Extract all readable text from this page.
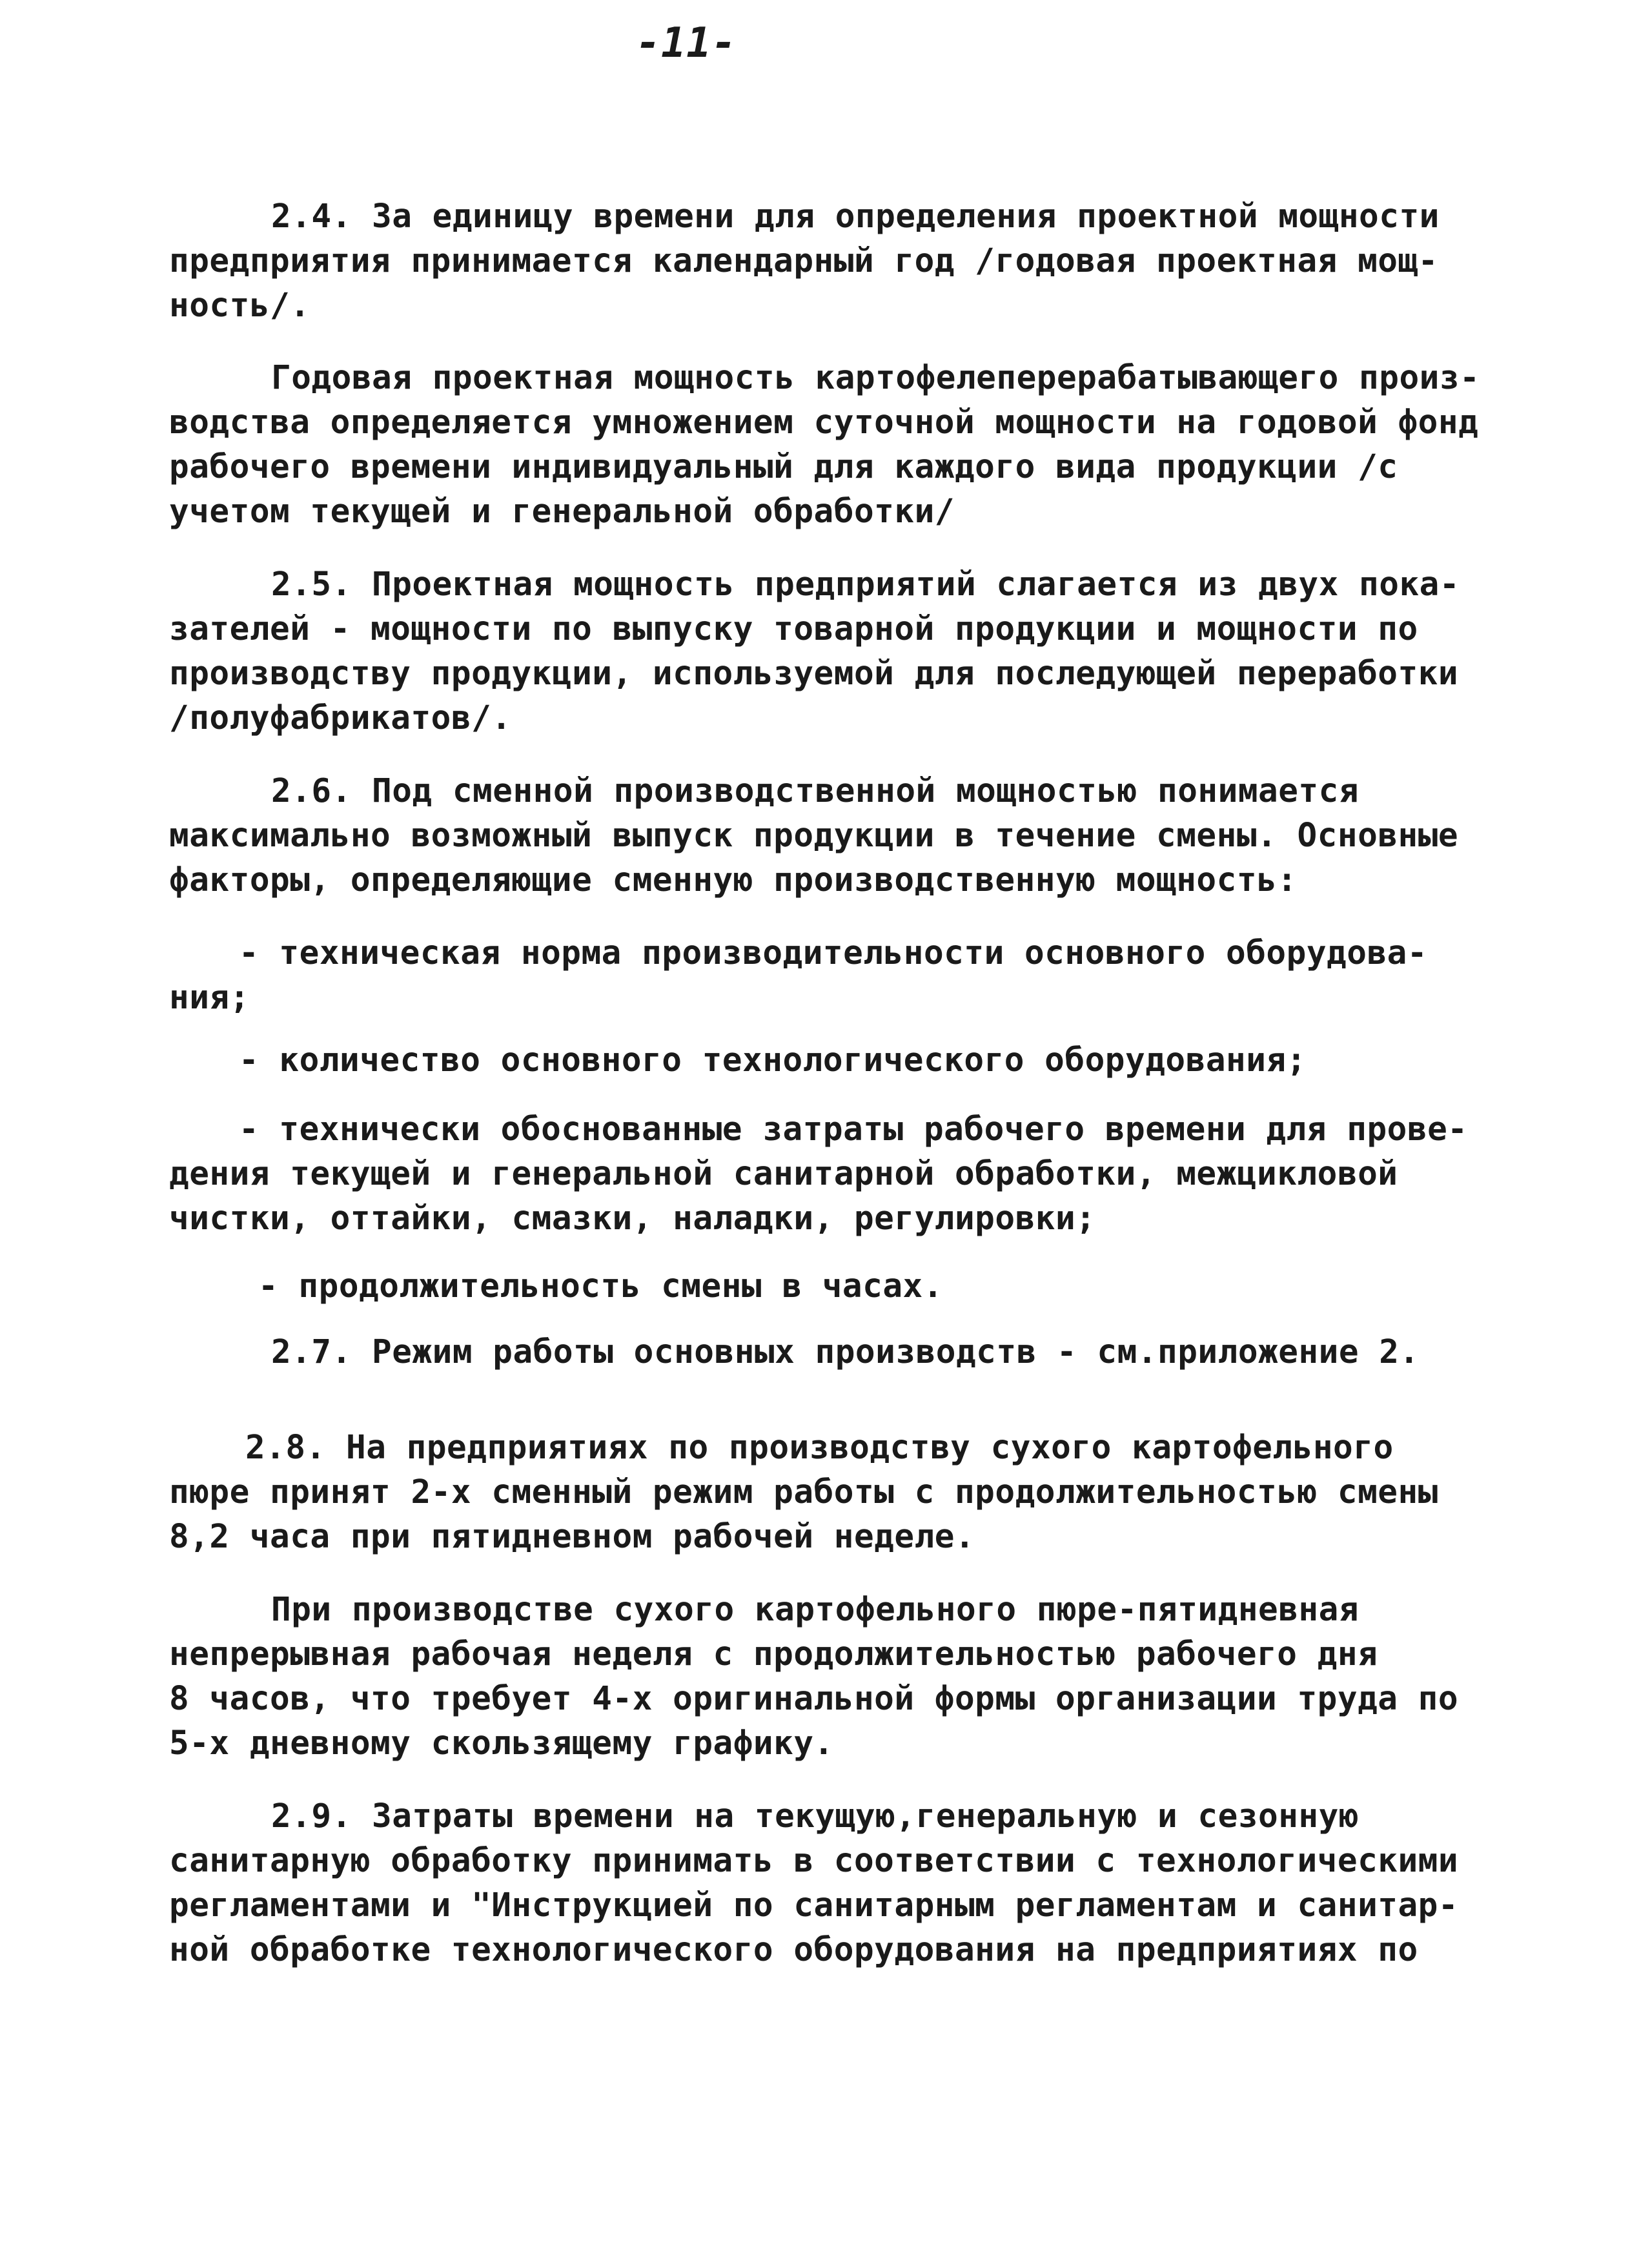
-11-
2.4. За единицу времени для определения проектной мощности
предприятия принимается календарный год /годовая проектная мощ-
ность/.
Годовая проектная мощность картофелеперерабатывающего произ-
водства определяется умножением суточной мощности на годовой фонд
рабочего времени индивидуальный для каждого вида продукции /с
учетом текущей и генеральной обработки/
2.5. Проектная мощность предприятий слагается из двух пока-
зателей - мощности по выпуску товарной продукции и мощности по
производству продукции, используемой для последующей переработки
/полуфабрикатов/.
2.6. Под сменной производственной мощностью понимается
максимально возможный выпуск продукции в течение смены. Основные
факторы, определяющие сменную производственную мощность:
- техническая норма производительности основного оборудова-
ния;
- количество основного технологического оборудования;
- технически обоснованные затраты рабочего времени для прове-
дения текущей и генеральной санитарной обработки, межцикловой
чистки, оттайки, смазки, наладки, регулировки;
- продолжительность смены в часах.
2.7. Режим работы основных производств - см.приложение 2.
2.8. На предприятиях по производству сухого картофельного
пюре принят 2-х сменный режим работы с продолжительностью смены
8,2 часа при пятидневном рабочей неделе.
При производстве сухого картофельного пюре-пятидневная
непрерывная рабочая неделя с продолжительностью рабочего дня
8 часов, что требует 4-х оригинальной формы организации труда по
5-х дневному скользящему графику.
2.9. Затраты времени на текущую,генеральную и сезонную
санитарную обработку принимать в соответствии с технологическими
регламентами и "Инструкцией по санитарным регламентам и санитар-
ной обработке технологического оборудования на предприятиях по
